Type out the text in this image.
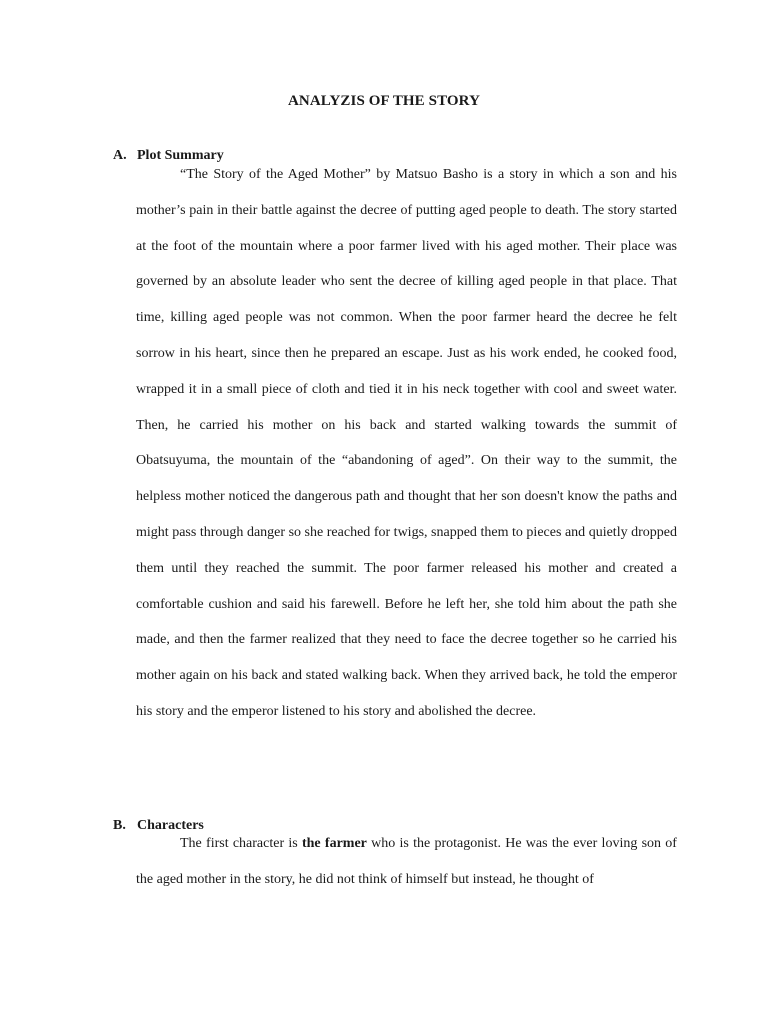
ANALYZIS OF THE STORY
A. Plot Summary

“The Story of the Aged Mother” by Matsuo Basho is a story in which a son and his mother’s pain in their battle against the decree of putting aged people to death. The story started at the foot of the mountain where a poor farmer lived with his aged mother. Their place was governed by an absolute leader who sent the decree of killing aged people in that place. That time, killing aged people was not common. When the poor farmer heard the decree he felt sorrow in his heart, since then he prepared an escape. Just as his work ended, he cooked food, wrapped it in a small piece of cloth and tied it in his neck together with cool and sweet water. Then, he carried his mother on his back and started walking towards the summit of Obatsuyuma, the mountain of the “abandoning of aged”. On their way to the summit, the helpless mother noticed the dangerous path and thought that her son doesn't know the paths and might pass through danger so she reached for twigs, snapped them to pieces and quietly dropped them until they reached the summit. The poor farmer released his mother and created a comfortable cushion and said his farewell. Before he left her, she told him about the path she made, and then the farmer realized that they need to face the decree together so he carried his mother again on his back and stated walking back. When they arrived back, he told the emperor his story and the emperor listened to his story and abolished the decree.

B. Characters

The first character is the farmer who is the protagonist. He was the ever loving son of the aged mother in the story, he did not think of himself but instead, he thought of
